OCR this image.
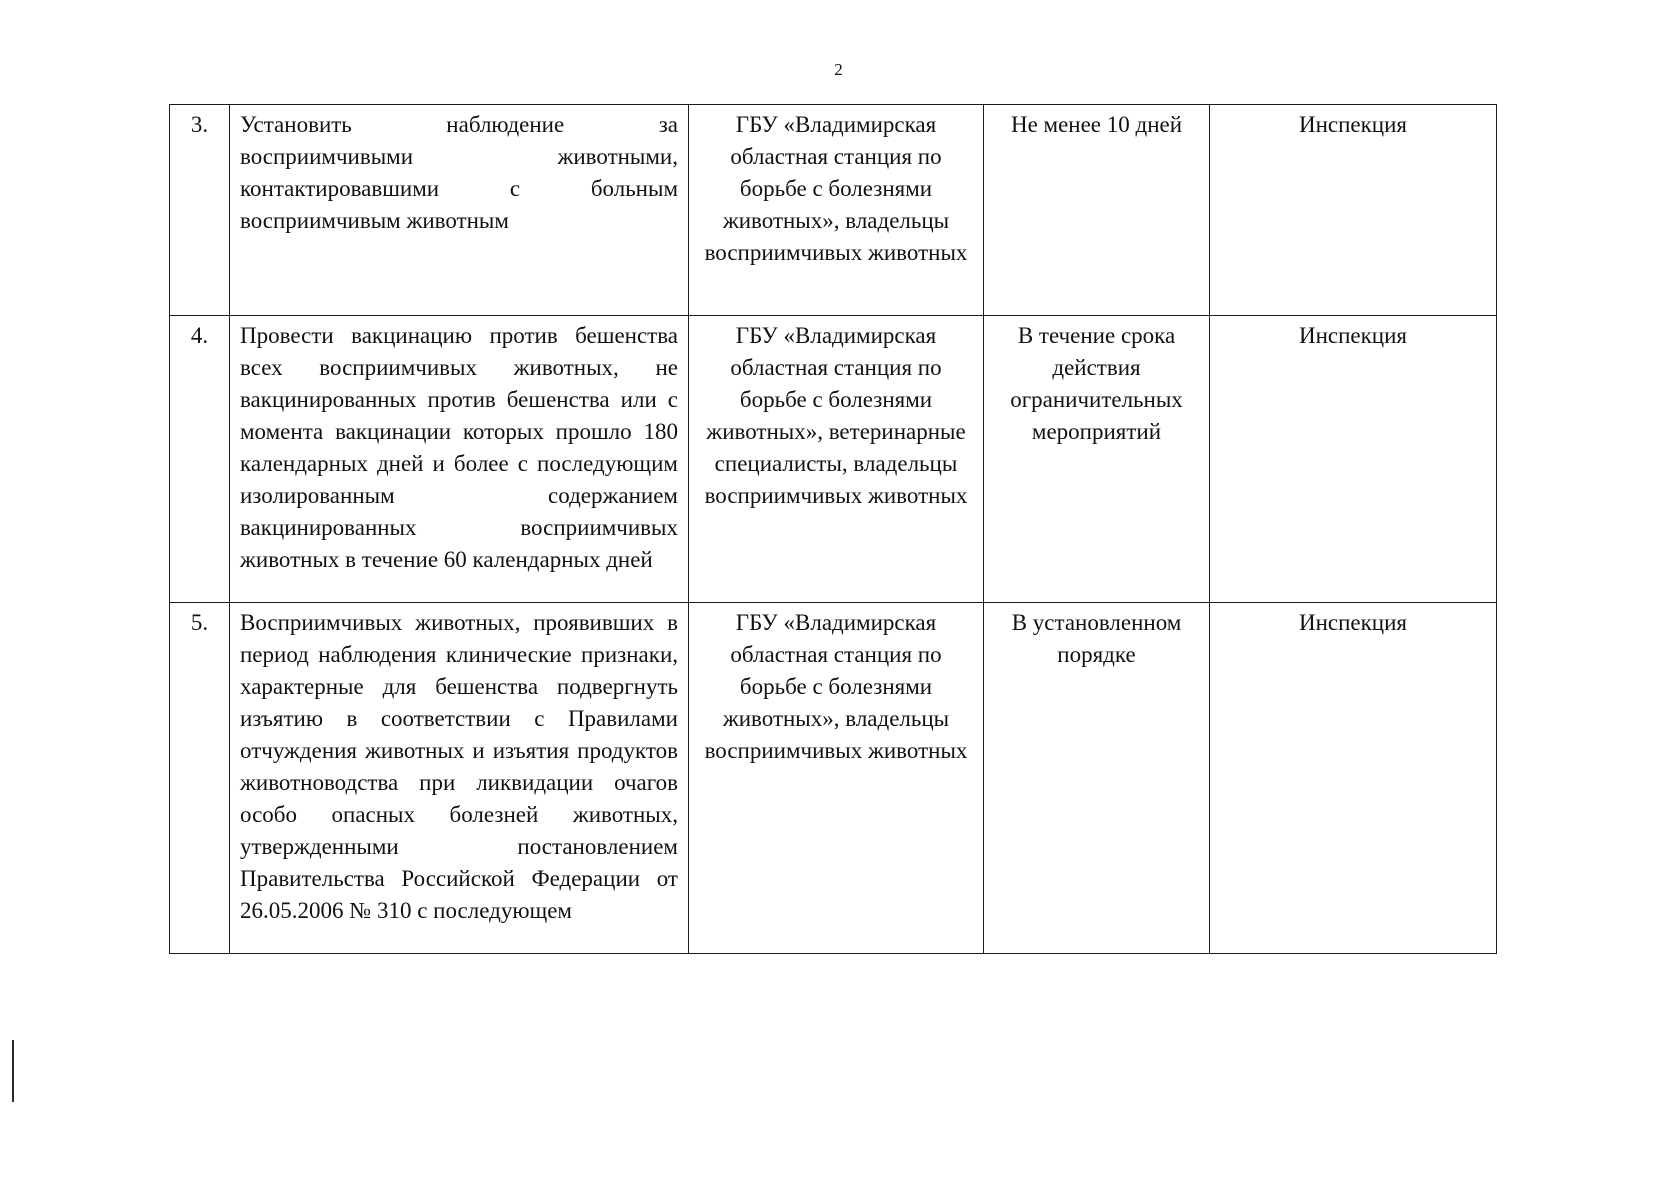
2
3.	Установить наблюдение за восприимчивыми животными, контактировавшими с больным восприимчивым животным	ГБУ «Владимирская областная станция по борьбе с болезнями животных», владельцы восприимчивых животных	Не менее 10 дней	Инспекция
4.	Провести вакцинацию против бешенства всех восприимчивых животных, не вакцинированных против бешенства или с момента вакцинации которых прошло 180 календарных дней и более с последующим изолированным содержанием вакцинированных восприимчивых животных в течение 60 календарных дней	ГБУ «Владимирская областная станция по борьбе с болезнями животных», ветеринарные специалисты, владельцы восприимчивых животных	В течение срока действия ограничительных мероприятий	Инспекция
5.	Восприимчивых животных, проявивших в период наблюдения клинические признаки, характерные для бешенства подвергнуть изъятию в соответствии с Правилами отчуждения животных и изъятия продуктов животноводства при ликвидации очагов особо опасных болезней животных, утвержденными постановлением Правительства Российской Федерации от 26.05.2006 № 310 с последующем	ГБУ «Владимирская областная станция по борьбе с болезнями животных», владельцы восприимчивых животных	В установленном порядке	Инспекция
